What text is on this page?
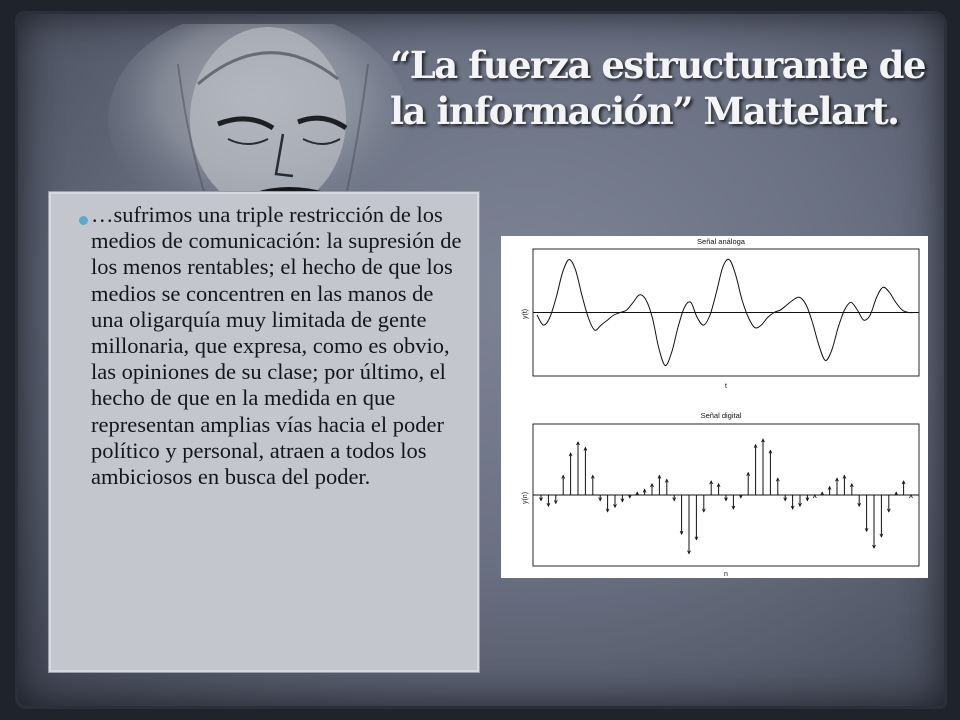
“La fuerza estructurante de
la información” Mattelart.
…sufrimos una triple restricción de los medios de comunicación: la supresión de los menos rentables; el hecho de que los medios se concentren en las manos de una oligarquía muy limitada de gente millonaria, que expresa, como es obvio, las opiniones de su clase; por último, el hecho de que en la medida en que representan amplias vías hacia el poder político y personal, atraen a todos los ambiciosos en busca del poder.
Señal análoga
y(t)
t
Señal digital
y(n)
n
